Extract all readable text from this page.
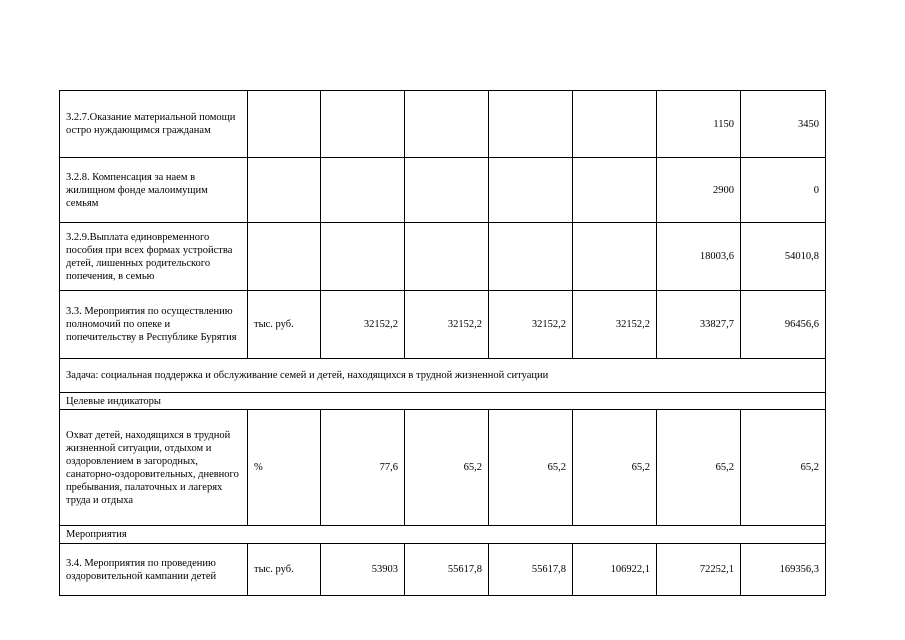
3.2.7.Оказание материальной помощи остро нуждающимся гражданам						1150	3450
3.2.8. Компенсация за наем в жилищном фонде малоимущим семьям						2900	0
3.2.9.Выплата единовременного пособия при всех формах устройства детей, лишенных родительского попечения, в семью						18003,6	54010,8
3.3. Мероприятия по осуществлению полномочий по опеке и попечительству в Республике Бурятия	тыс. руб.	32152,2	32152,2	32152,2	32152,2	33827,7	96456,6
Задача: социальная поддержка и обслуживание семей и детей, находящихся в трудной жизненной ситуации							
Целевые индикаторы							
Охват детей, находящихся в трудной жизненной ситуации, отдыхом и оздоровлением в загородных, санаторно-оздоровительных, дневного пребывания, палаточных и лагерях труда и отдыха	%	77,6	65,2	65,2	65,2	65,2	65,2
Мероприятия							
3.4. Мероприятия по проведению оздоровительной кампании детей	тыс. руб.	53903	55617,8	55617,8	106922,1	72252,1	169356,3
